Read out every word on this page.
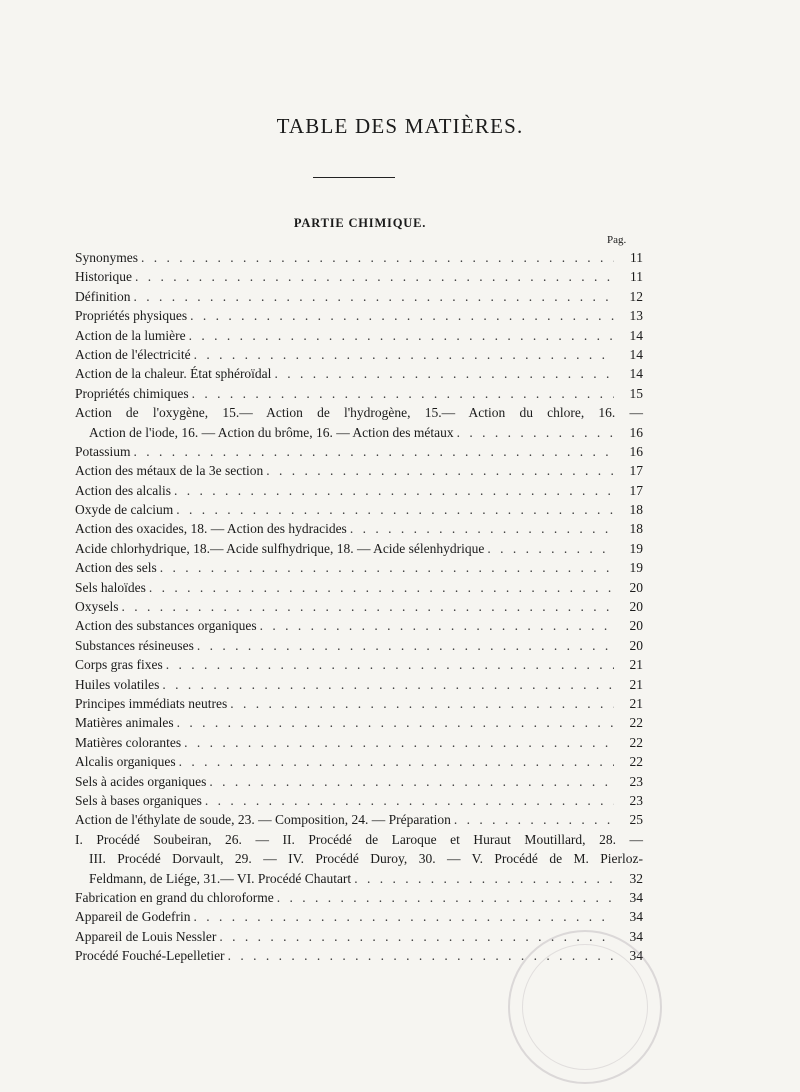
TABLE DES MATIÈRES.
PARTIE CHIMIQUE.
Pag.
Synonymes . . .	11
Historique . . .	11
Définition . . .	12
Propriétés physiques . . .	13
Action de la lumière . . .	14
Action de l'électricité . . .	14
Action de la chaleur. État sphéroïdal . . .	14
Propriétés chimiques . . .	15
Action de l'oxygène, 15.— Action de l'hydrogène, 15.— Action du chlore, 16. —
Action de l'iode, 16. — Action du brôme, 16. — Action des métaux . . .	16
Potassium . . .	16
Action des métaux de la 3e section . . .	17
Action des alcalis . . .	17
Oxyde de calcium . . .	18
Action des oxacides, 18. — Action des hydracides . . .	18
Acide chlorhydrique, 18.— Acide sulfhydrique, 18. — Acide sélenhydrique . . .	19
Action des sels . . .	19
Sels haloïdes . . .	20
Oxysels . . .	20
Action des substances organiques . . .	20
Substances résineuses . . .	20
Corps gras fixes . . .	21
Huiles volatiles . . .	21
Principes immédiats neutres . . .	21
Matières animales . . .	22
Matières colorantes . . .	22
Alcalis organiques . . .	22
Sels à acides organiques . . .	23
Sels à bases organiques . . .	23
Action de l'éthylate de soude, 23. — Composition, 24. — Préparation . . .	25
I. Procédé Soubeiran, 26. — II. Procédé de Laroque et Huraut Moutillard, 28. —
III. Procédé Dorvault, 29. — IV. Procédé Duroy, 30. — V. Procédé de M. Pierloz-
Feldmann, de Liége, 31.— VI. Procédé Chautart . . .	32
Fabrication en grand du chloroforme . . .	34
Appareil de Godefrin . . .	34
Appareil de Louis Nessler . . .	34
Procédé Fouché-Lepelletier . . .	34
